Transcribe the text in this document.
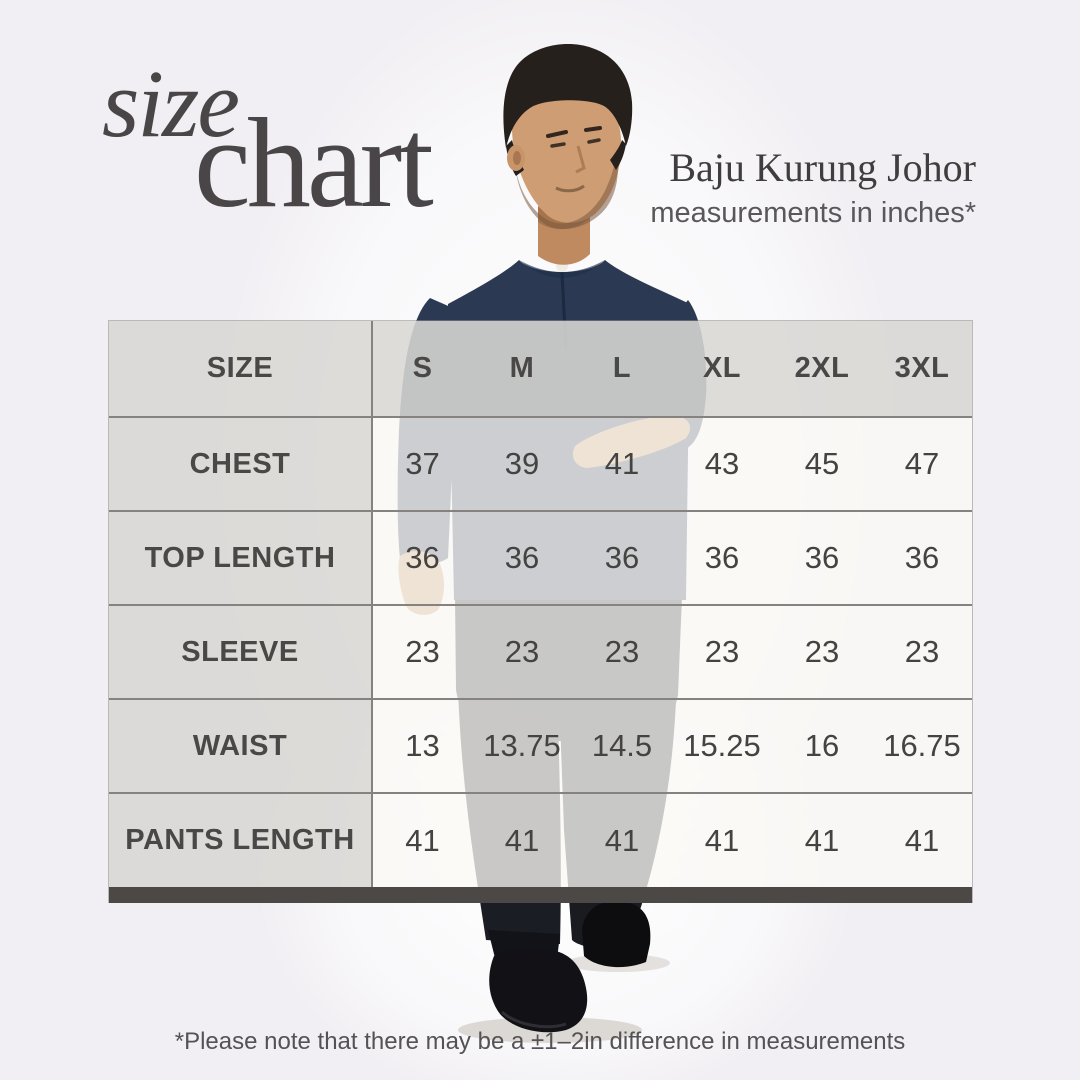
size
chart	Baju Kurung Johor
measurements in inches*
SIZE	S	M	L	XL	2XL	3XL
CHEST	37	39	41	43	45	47
TOP LENGTH	36	36	36	36	36	36
SLEEVE	23	23	23	23	23	23
WAIST	13	13.75	14.5	15.25	16	16.75
PANTS LENGTH	41	41	41	41	41	41
*Please note that there may be a ±1–2in difference in measurements
